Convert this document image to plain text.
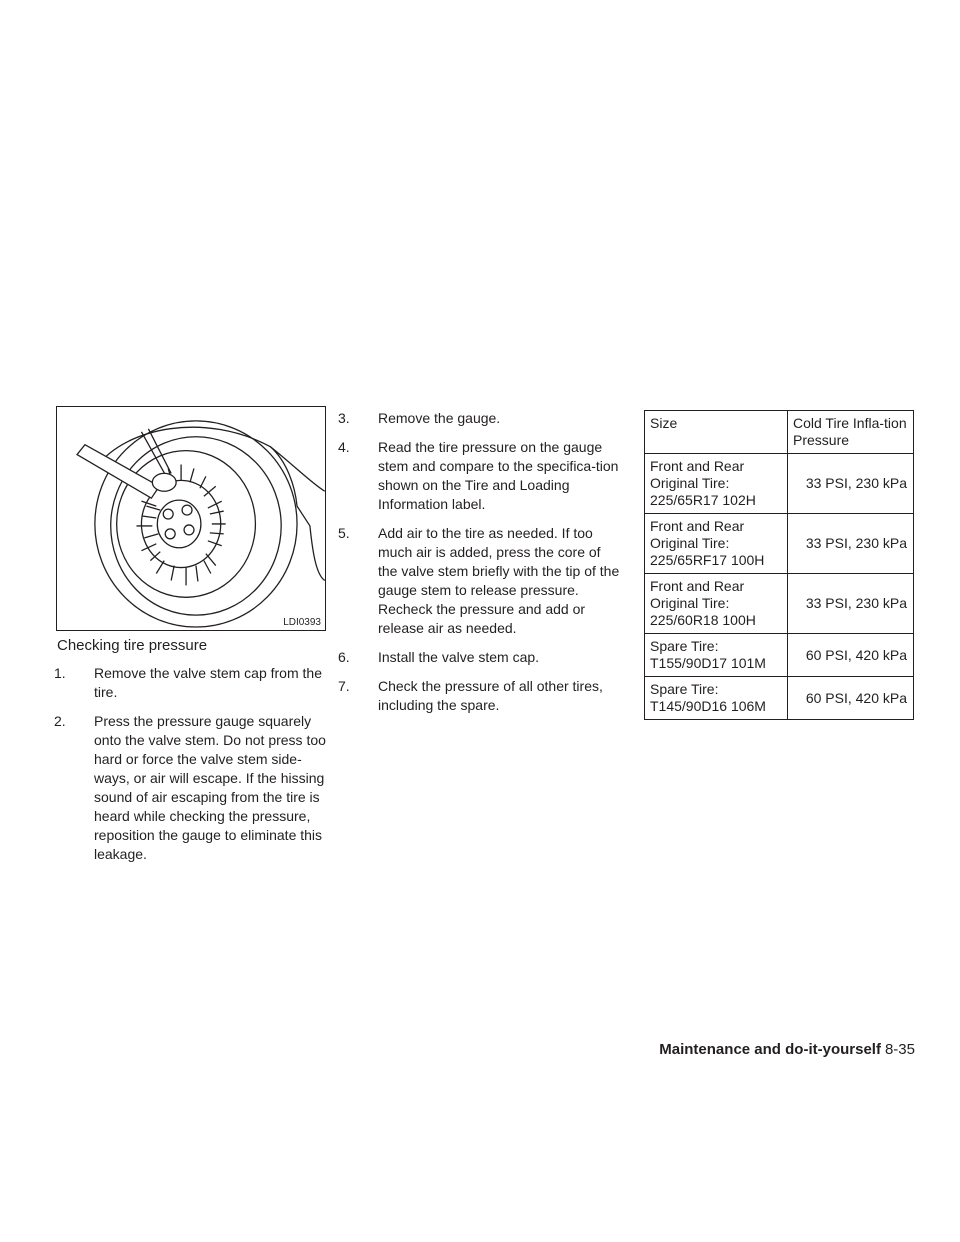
LDI0393
Checking tire pressure
1. Remove the valve stem cap from the tire.
2. Press the pressure gauge squarely onto the valve stem. Do not press too hard or force the valve stem side-ways, or air will escape. If the hissing sound of air escaping from the tire is heard while checking the pressure, reposition the gauge to eliminate this leakage.
3. Remove the gauge.
4. Read the tire pressure on the gauge stem and compare to the specifica-tion shown on the Tire and Loading Information label.
5. Add air to the tire as needed. If too much air is added, press the core of the valve stem briefly with the tip of the gauge stem to release pressure. Recheck the pressure and add or release air as needed.
6. Install the valve stem cap.
7. Check the pressure of all other tires, including the spare.
Size	Cold Tire Infla-tion Pressure
Front and Rear Original Tire: 225/65R17 102H	33 PSI, 230 kPa
Front and Rear Original Tire: 225/65RF17 100H	33 PSI, 230 kPa
Front and Rear Original Tire: 225/60R18 100H	33 PSI, 230 kPa
Spare Tire: T155/90D17 101M	60 PSI, 420 kPa
Spare Tire: T145/90D16 106M	60 PSI, 420 kPa
Maintenance and do-it-yourself 8-35
